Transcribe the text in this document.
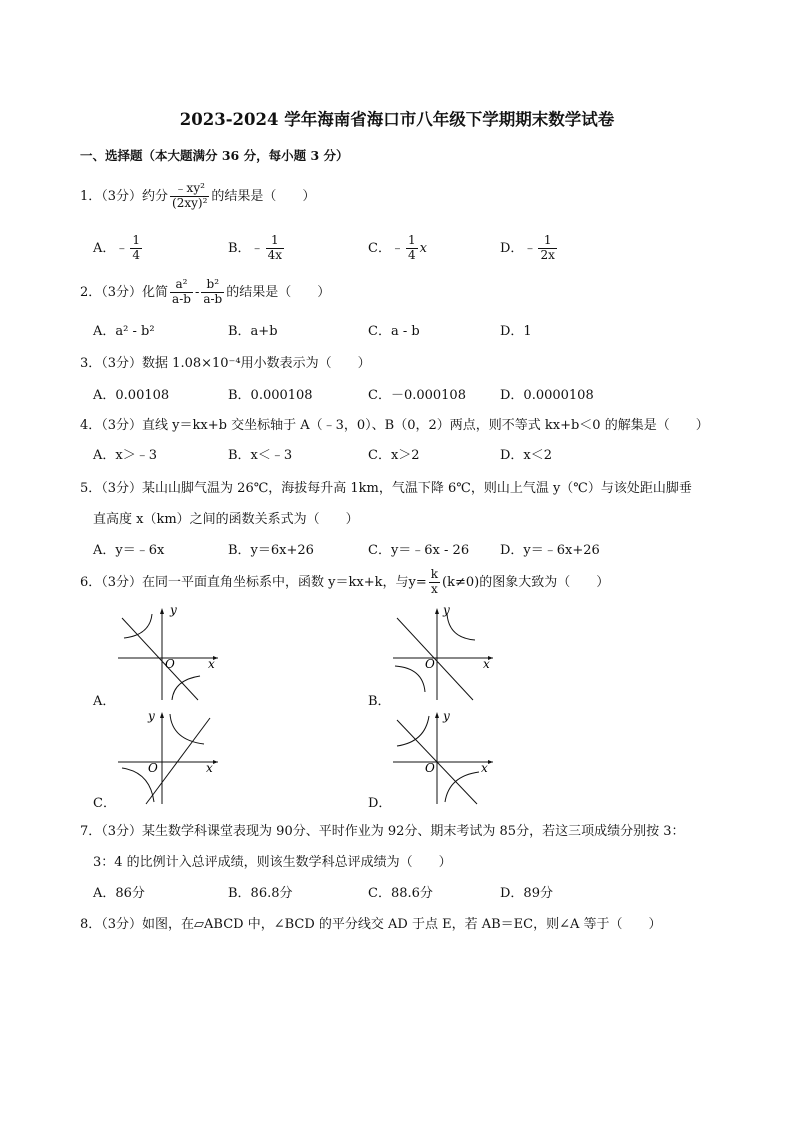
2023-2024 学年海南省海口市八年级下学期期末数学试卷
一、选择题（本大题满分 36 分，每小题 3 分）
1．（3分）约分 $\frac{\text{﹣xy²}}{\text{(2xy)²}}$ 的结果是（　　）
A．﹣ $\frac{1}{4}$	B．﹣ $\frac{1}{4x}$	C．﹣ $\frac{1}{4}$ x	D．﹣ $\frac{1}{2x}$
2．（3分）化简 $\frac{\text{a²}}{a-b} - \frac{\text{b²}}{a-b}$ 的结果是（　　）
A．a² - b²	B．a+b	C．a - b	D．1
3．（3分）数据 1.08×10⁻⁴用小数表示为（　　）
A．0.00108	B．0.000108	C．－0.000108	D．0.0000108
4．（3分）直线 y＝kx+b 交坐标轴于 A（﹣3，0）、B（0，2）两点，则不等式 kx+b＜0 的解集是（　　）
A．x＞﹣3	B．x＜﹣3	C．x＞2	D．x＜2
5．（3分）某山山脚气温为 26℃，海拔每升高 1km，气温下降 6℃，则山上气温 y（℃）与该处距山脚垂
直高度 x（km）之间的函数关系式为（　　）
A．y＝﹣6x	B．y＝6x+26	C．y＝﹣6x - 26 D．y＝﹣6x+26
6．（3分）在同一平面直角坐标系中，函数 y＝kx+k，与$y= \frac{k}{x} (k\ne 0)$的图象大致为（　　）
y
x
O
A．
y
x
O
B．
y
x
O
C．
y
x
O
D．
7．（3分）某生数学科课堂表现为 90分、平时作业为 92分、期末考试为 85分，若这三项成绩分别按 3：
3：4 的比例计入总评成绩，则该生数学科总评成绩为（　　）
A．86分	B．86.8分	C．88.6分	D．89分
8．（3分）如图，在▱ABCD 中，∠BCD 的平分线交 AD 于点 E，若 AB＝EC，则∠A 等于（　　）
